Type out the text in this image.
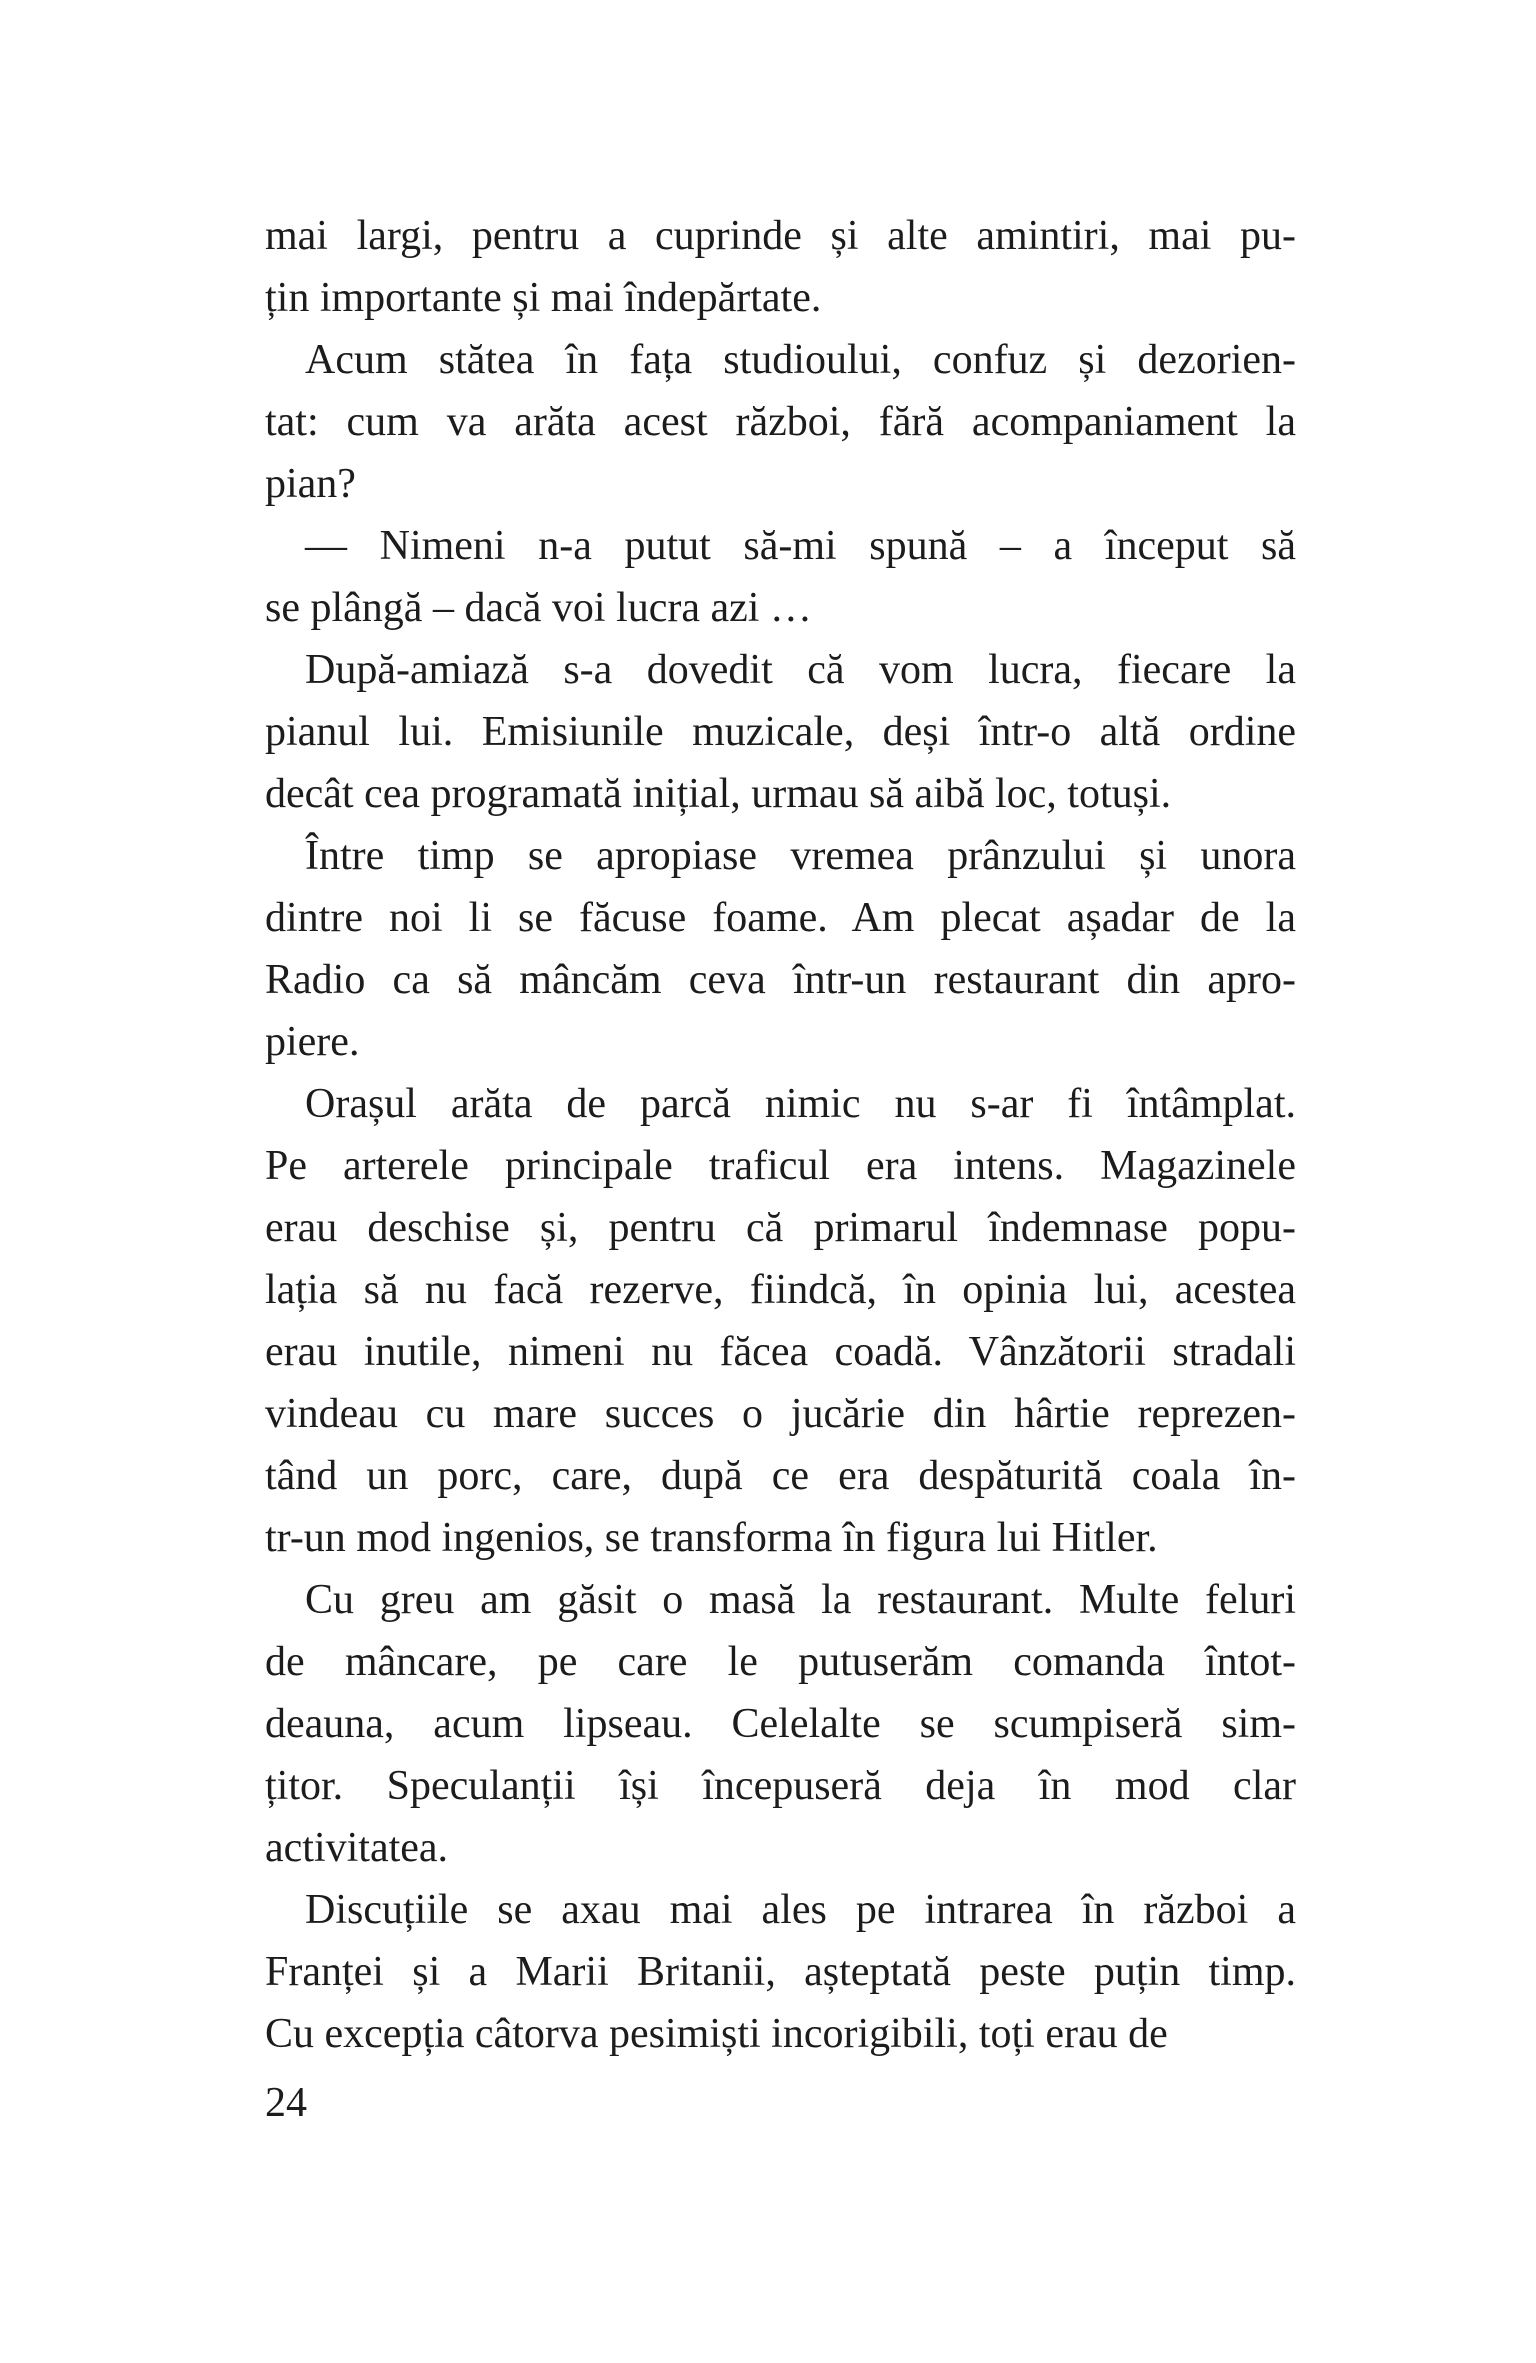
mai largi, pentru a cuprinde și alte amintiri, mai pu-
țin importante și mai îndepărtate.
Acum stătea în fața studioului, confuz și dezorien-
tat: cum va arăta acest război, fără acompaniament la
pian?
— Nimeni n-a putut să-mi spună – a început să
se plângă – dacă voi lucra azi …
După-amiază s-a dovedit că vom lucra, fiecare la
pianul lui. Emisiunile muzicale, deși într-o altă ordine
decât cea programată inițial, urmau să aibă loc, totuși.
Între timp se apropiase vremea prânzului și unora
dintre noi li se făcuse foame. Am plecat așadar de la
Radio ca să mâncăm ceva într-un restaurant din apro-
piere.
Orașul arăta de parcă nimic nu s-ar fi întâmplat.
Pe arterele principale traficul era intens. Magazinele
erau deschise și, pentru că primarul îndemnase popu-
lația să nu facă rezerve, fiindcă, în opinia lui, acestea
erau inutile, nimeni nu făcea coadă. Vânzătorii stradali
vindeau cu mare succes o jucărie din hârtie reprezen-
tând un porc, care, după ce era despăturită coala în-
tr-un mod ingenios, se transforma în figura lui Hitler.
Cu greu am găsit o masă la restaurant. Multe feluri
de mâncare, pe care le putuserăm comanda întot-
deauna, acum lipseau. Celelalte se scumpiseră sim-
țitor. Speculanții își începuseră deja în mod clar
activitatea.
Discuțiile se axau mai ales pe intrarea în război a
Franței și a Marii Britanii, așteptată peste puțin timp.
Cu excepția câtorva pesimiști incorigibili, toți erau de
24
